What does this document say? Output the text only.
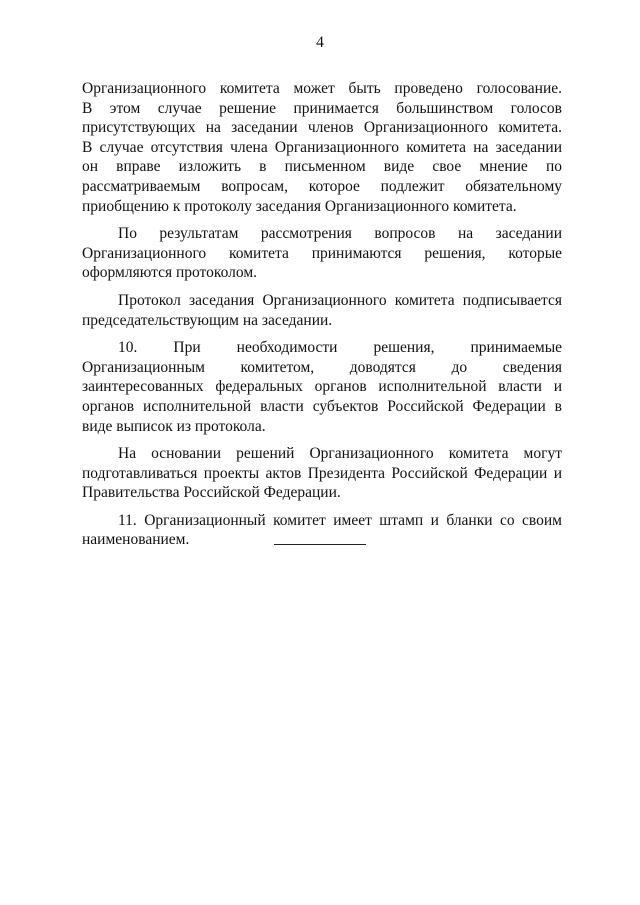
4
Организационного комитета может быть проведено голосование.
В этом случае решение принимается большинством голосов
присутствующих на заседании членов Организационного комитета.
В случае отсутствия члена Организационного комитета на заседании
он вправе изложить в письменном виде свое мнение по
рассматриваемым вопросам, которое подлежит обязательному
приобщению к протоколу заседания Организационного комитета.
По результатам рассмотрения вопросов на заседании
Организационного комитета принимаются решения, которые
оформляются протоколом.
Протокол заседания Организационного комитета подписывается
председательствующим на заседании.
10. При необходимости решения, принимаемые
Организационным комитетом, доводятся до сведения
заинтересованных федеральных органов исполнительной власти и
органов исполнительной власти субъектов Российской Федерации в
виде выписок из протокола.
На основании решений Организационного комитета могут
подготавливаться проекты актов Президента Российской Федерации и
Правительства Российской Федерации.
11. Организационный комитет имеет штамп и бланки со своим
наименованием.
